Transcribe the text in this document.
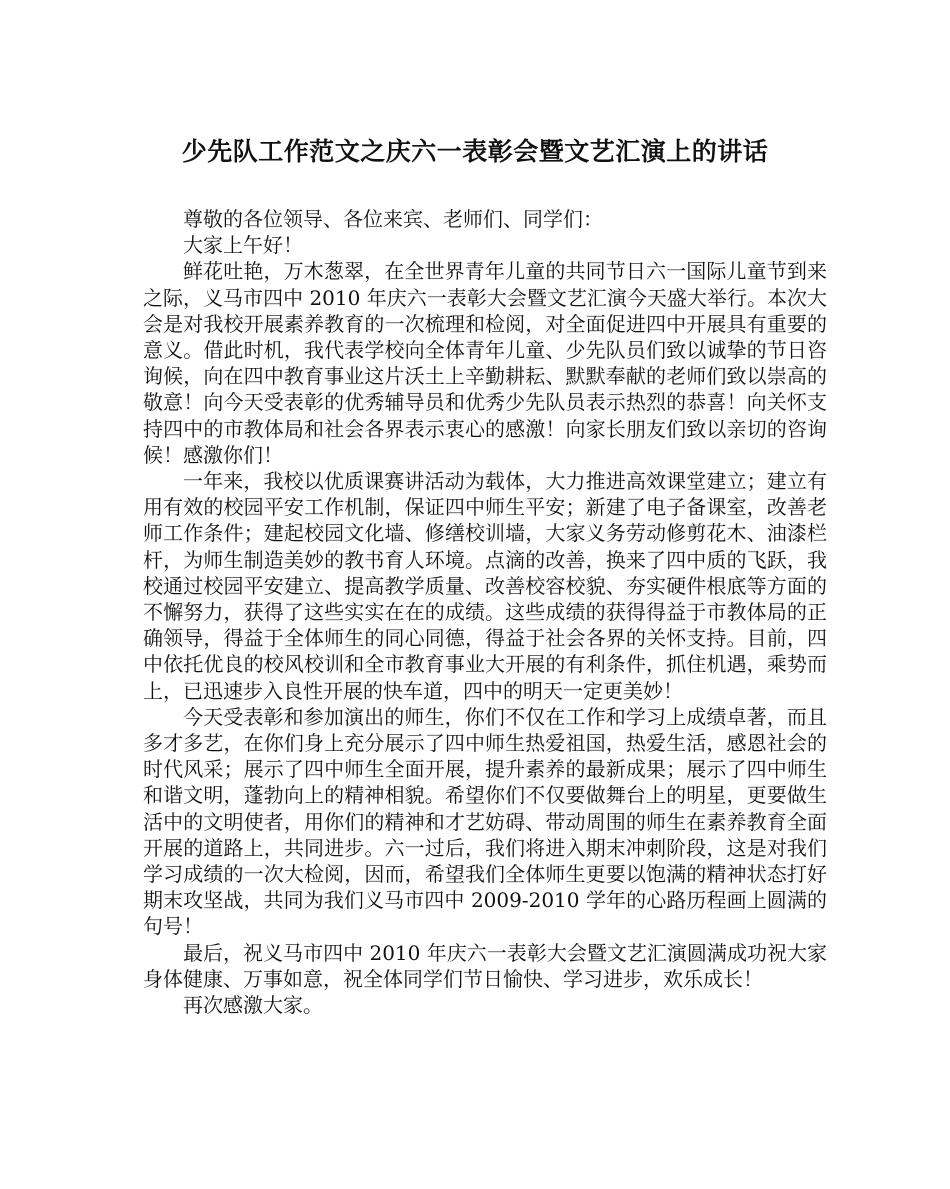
少先队工作范文之庆六一表彰会暨文艺汇演上的讲话

尊敬的各位领导、各位来宾、老师们、同学们：

大家上午好！

鲜花吐艳，万木葱翠，在全世界青年儿童的共同节日六一国际儿童节到来之际，义马市四中 2010 年庆六一表彰大会暨文艺汇演今天盛大举行。本次大会是对我校开展素养教育的一次梳理和检阅，对全面促进四中开展具有重要的意义。借此时机，我代表学校向全体青年儿童、少先队员们致以诚挚的节日咨询候，向在四中教育事业这片沃土上辛勤耕耘、默默奉献的老师们致以崇高的敬意！向今天受表彰的优秀辅导员和优秀少先队员表示热烈的恭喜！向关怀支持四中的市教体局和社会各界表示衷心的感激！向家长朋友们致以亲切的咨询候！感激你们！

一年来，我校以优质课赛讲活动为载体，大力推进高效课堂建立；建立有用有效的校园平安工作机制，保证四中师生平安；新建了电子备课室，改善老师工作条件；建起校园文化墙、修缮校训墙，大家义务劳动修剪花木、油漆栏杆，为师生制造美妙的教书育人环境。点滴的改善，换来了四中质的飞跃，我校通过校园平安建立、提高教学质量、改善校容校貌、夯实硬件根底等方面的不懈努力，获得了这些实实在在的成绩。这些成绩的获得得益于市教体局的正确领导，得益于全体师生的同心同德，得益于社会各界的关怀支持。目前，四中依托优良的校风校训和全市教育事业大开展的有利条件，抓住机遇，乘势而上，已迅速步入良性开展的快车道，四中的明天一定更美妙！

今天受表彰和参加演出的师生，你们不仅在工作和学习上成绩卓著，而且多才多艺，在你们身上充分展示了四中师生热爱祖国，热爱生活，感恩社会的时代风采；展示了四中师生全面开展，提升素养的最新成果；展示了四中师生和谐文明，蓬勃向上的精神相貌。希望你们不仅要做舞台上的明星，更要做生活中的文明使者，用你们的精神和才艺妨碍、带动周围的师生在素养教育全面开展的道路上，共同进步。六一过后，我们将进入期末冲刺阶段，这是对我们学习成绩的一次大检阅，因而，希望我们全体师生更要以饱满的精神状态打好期末攻坚战，共同为我们义马市四中 2009-2010 学年的心路历程画上圆满的句号！

最后，祝义马市四中 2010 年庆六一表彰大会暨文艺汇演圆满成功祝大家身体健康、万事如意，祝全体同学们节日愉快、学习进步，欢乐成长！

再次感激大家。
